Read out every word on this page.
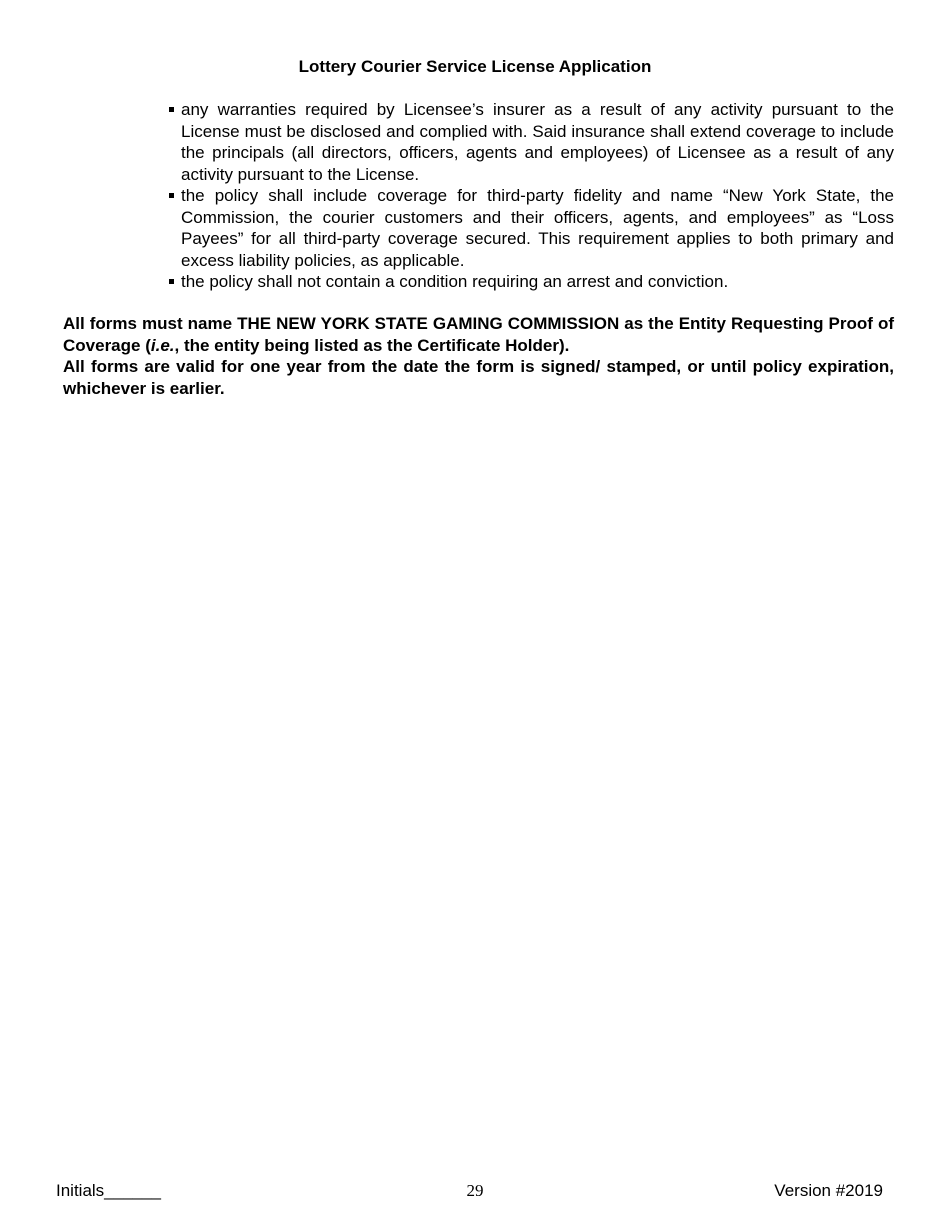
Lottery Courier Service License Application
any warranties required by Licensee’s insurer as a result of any activity pursuant to the License must be disclosed and complied with. Said insurance shall extend coverage to include the principals (all directors, officers, agents and employees) of Licensee as a result of any activity pursuant to the License.
the policy shall include coverage for third-party fidelity and name “New York State, the Commission, the courier customers and their officers, agents, and employees” as “Loss Payees” for all third-party coverage secured. This requirement applies to both primary and excess liability policies, as applicable.
the policy shall not contain a condition requiring an arrest and conviction.

All forms must name THE NEW YORK STATE GAMING COMMISSION as the Entity Requesting Proof of Coverage (i.e., the entity being listed as the Certificate Holder).

All forms are valid for one year from the date the form is signed/ stamped, or until policy expiration, whichever is earlier.

Initials______	29	Version #2019
